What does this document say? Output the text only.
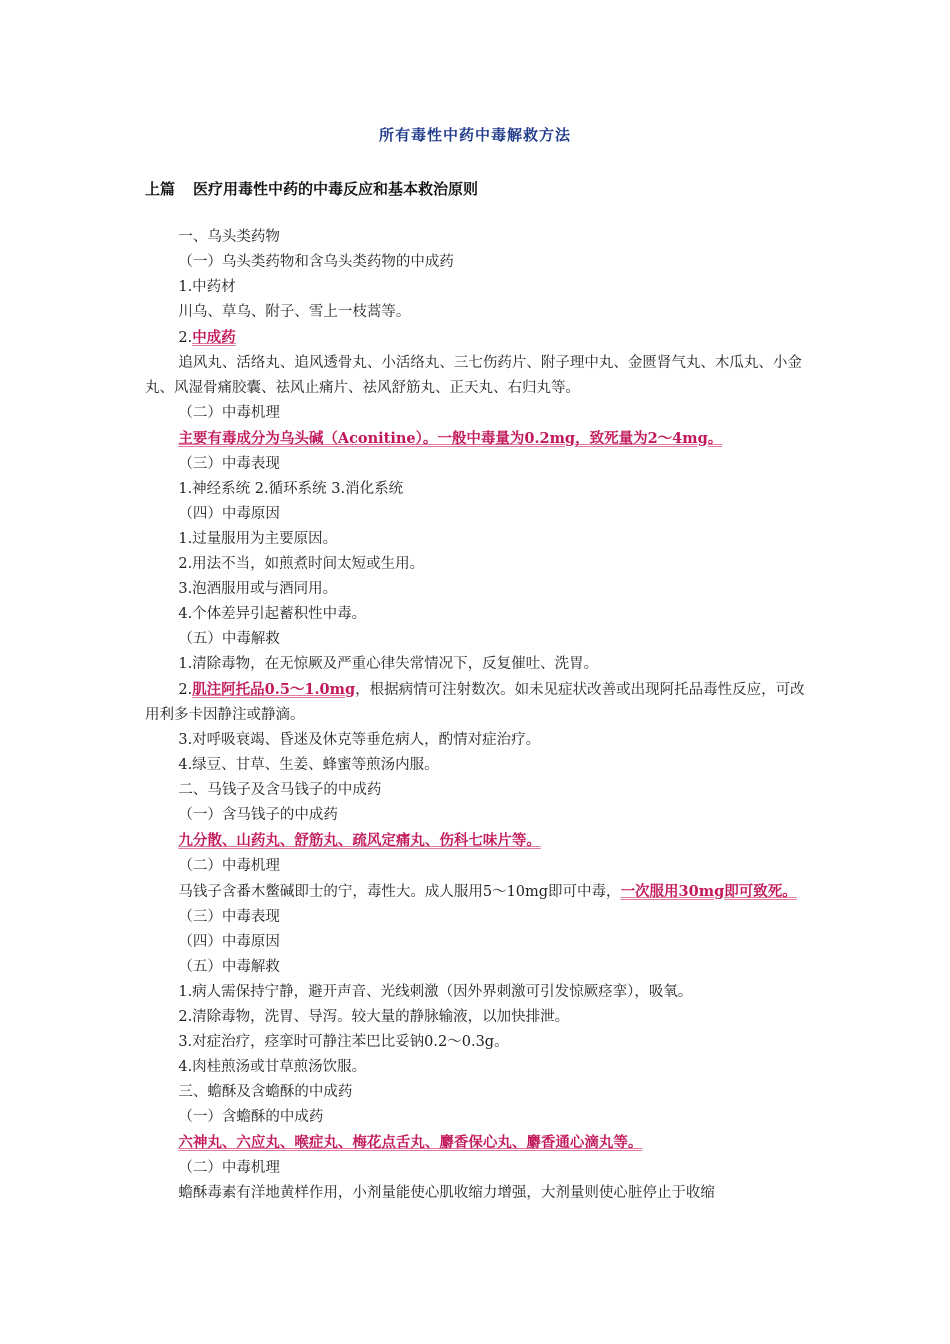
所有毒性中药中毒解救方法
上篇 医疗用毒性中药的中毒反应和基本救治原则

一、乌头类药物

（一）乌头类药物和含乌头类药物的中成药

1.中药材

川乌、草乌、附子、雪上一枝蒿等。

2.中成药

追风丸、活络丸、追风透骨丸、小活络丸、三七伤药片、附子理中丸、金匮肾气丸、木瓜丸、小金丸、风湿骨痛胶囊、祛风止痛片、祛风舒筋丸、正天丸、右归丸等。

（二）中毒机理

主要有毒成分为乌头碱（Aconitine）。一般中毒量为0.2mg，致死量为2～4mg。

（三）中毒表现

1.神经系统 2.循环系统 3.消化系统

（四）中毒原因

1.过量服用为主要原因。

2.用法不当，如煎煮时间太短或生用。

3.泡酒服用或与酒同用。

4.个体差异引起蓄积性中毒。

（五）中毒解救

1.清除毒物，在无惊厥及严重心律失常情况下，反复催吐、洗胃。

2.肌注阿托品0.5～1.0mg，根据病情可注射数次。如未见症状改善或出现阿托品毒性反应，可改用利多卡因静注或静滴。

3.对呼吸衰竭、昏迷及休克等垂危病人，酌情对症治疗。

4.绿豆、甘草、生姜、蜂蜜等煎汤内服。

二、马钱子及含马钱子的中成药

（一）含马钱子的中成药

九分散、山药丸、舒筋丸、疏风定痛丸、伤科七味片等。

（二）中毒机理

马钱子含番木鳖碱即士的宁，毒性大。成人服用5～10mg即可中毒，一次服用30mg即可致死。

（三）中毒表现

（四）中毒原因

（五）中毒解救

1.病人需保持宁静，避开声音、光线刺激（因外界刺激可引发惊厥痉挛），吸氧。

2.清除毒物，洗胃、导泻。较大量的静脉输液，以加快排泄。

3.对症治疗，痉挛时可静注苯巴比妥钠0.2～0.3g。

4.肉桂煎汤或甘草煎汤饮服。

三、蟾酥及含蟾酥的中成药

（一）含蟾酥的中成药

六神丸、六应丸、喉症丸、梅花点舌丸、麝香保心丸、麝香通心滴丸等。

（二）中毒机理

蟾酥毒素有洋地黄样作用，小剂量能使心肌收缩力增强，大剂量则使心脏停止于收缩
